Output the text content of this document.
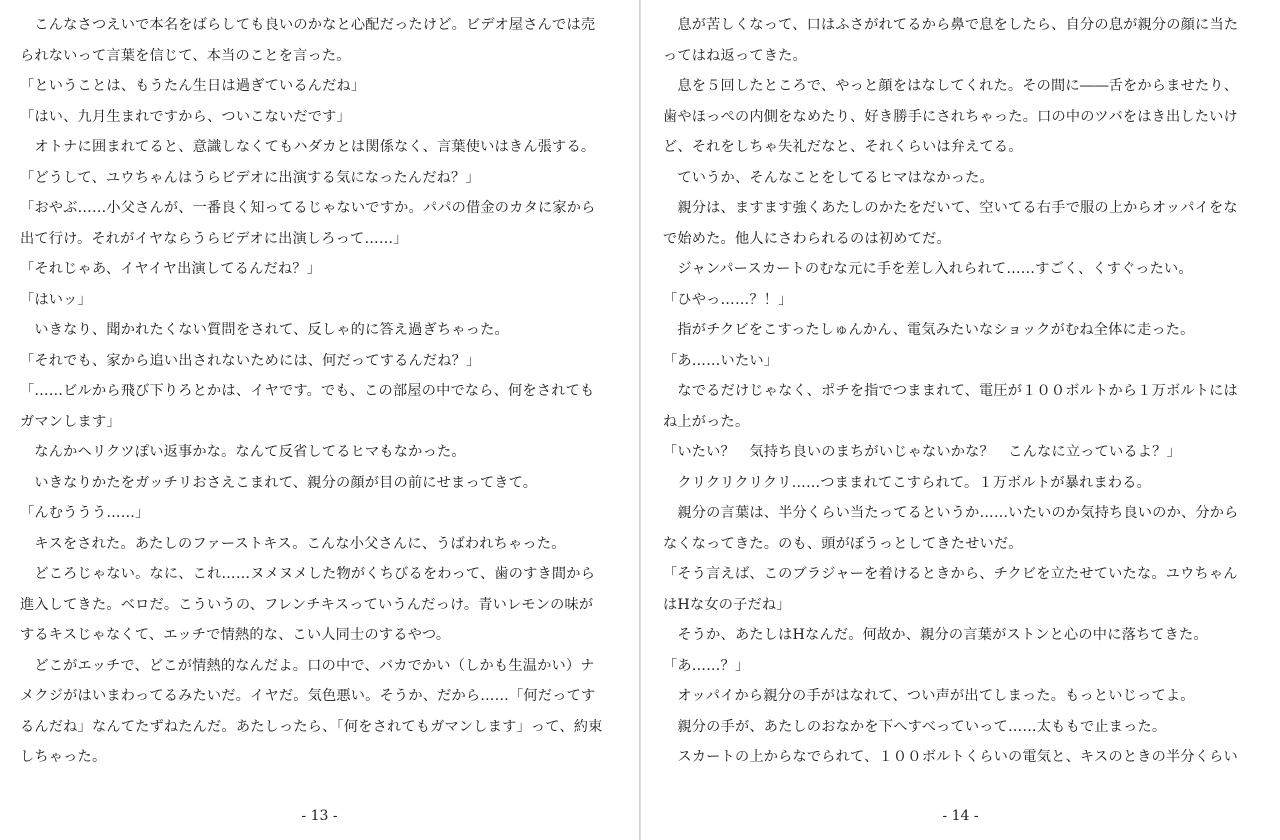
　こんなさつえいで本名をばらしても良いのかなと心配だったけど。ビデオ屋さんでは売
られないって言葉を信じて、本当のことを言った。
「ということは、もうたん生日は過ぎているんだね」
「はい、九月生まれですから、ついこないだです」
　オトナに囲まれてると、意識しなくてもハダカとは関係なく、言葉使いはきん張する。
「どうして、ユウちゃんはうらビデオに出演する気になったんだね？」
「おやぶ……小父さんが、一番良く知ってるじゃないですか。パパの借金のカタに家から
出て行け。それがイヤならうらビデオに出演しろって……」
「それじゃあ、イヤイヤ出演してるんだね？」
「はいッ」
　いきなり、聞かれたくない質問をされて、反しゃ的に答え過ぎちゃった。
「それでも、家から追い出されないためには、何だってするんだね？」
「……ビルから飛び下りろとかは、イヤです。でも、この部屋の中でなら、何をされても
ガマンします」
　なんかヘリクツぽい返事かな。なんて反省してるヒマもなかった。
　いきなりかたをガッチリおさえこまれて、親分の顔が目の前にせまってきて。
「んむううう……」
　キスをされた。あたしのファーストキス。こんな小父さんに、うばわれちゃった。
　どころじゃない。なに、これ……ヌメヌメした物がくちびるをわって、歯のすき間から
進入してきた。ベロだ。こういうの、フレンチキスっていうんだっけ。青いレモンの味が
するキスじゃなくて、エッチで情熱的な、こい人同士のするやつ。
　どこがエッチで、どこが情熱的なんだよ。口の中で、バカでかい（しかも生温かい）ナ
メクジがはいまわってるみたいだ。イヤだ。気色悪い。そうか、だから……「何だってす
るんだね」なんてたずねたんだ。あたしったら、「何をされてもガマンします」って、約束
しちゃった。
- 13 -
　息が苦しくなって、口はふさがれてるから鼻で息をしたら、自分の息が親分の顔に当た
ってはね返ってきた。
　息を５回したところで、やっと顔をはなしてくれた。その間に――舌をからませたり、
歯やほっぺの内側をなめたり、好き勝手にされちゃった。口の中のツバをはき出したいけ
ど、それをしちゃ失礼だなと、それくらいは弁えてる。
　ていうか、そんなことをしてるヒマはなかった。
　親分は、ますます強くあたしのかたをだいて、空いてる右手で服の上からオッパイをな
で始めた。他人にさわられるのは初めてだ。
　ジャンパースカートのむな元に手を差し入れられて……すごく、くすぐったい。
「ひやっ……？！」
　指がチクビをこすったしゅんかん、電気みたいなショックがむね全体に走った。
「あ……いたい」
　なでるだけじゃなく、ポチを指でつままれて、電圧が１００ボルトから１万ボルトには
ね上がった。
「いたい？　気持ち良いのまちがいじゃないかな？　こんなに立っているよ？」
　クリクリクリクリ……つままれてこすられて。１万ボルトが暴れまわる。
　親分の言葉は、半分くらい当たってるというか……いたいのか気持ち良いのか、分から
なくなってきた。のも、頭がぼうっとしてきたせいだ。
「そう言えば、このブラジャーを着けるときから、チクビを立たせていたな。ユウちゃん
はHな女の子だね」
　そうか、あたしはHなんだ。何故か、親分の言葉がストンと心の中に落ちてきた。
「あ……？」
　オッパイから親分の手がはなれて、つい声が出てしまった。もっといじってよ。
　親分の手が、あたしのおなかを下へすべっていって……太ももで止まった。
　スカートの上からなでられて、１００ボルトくらいの電気と、キスのときの半分くらい
- 14 -
